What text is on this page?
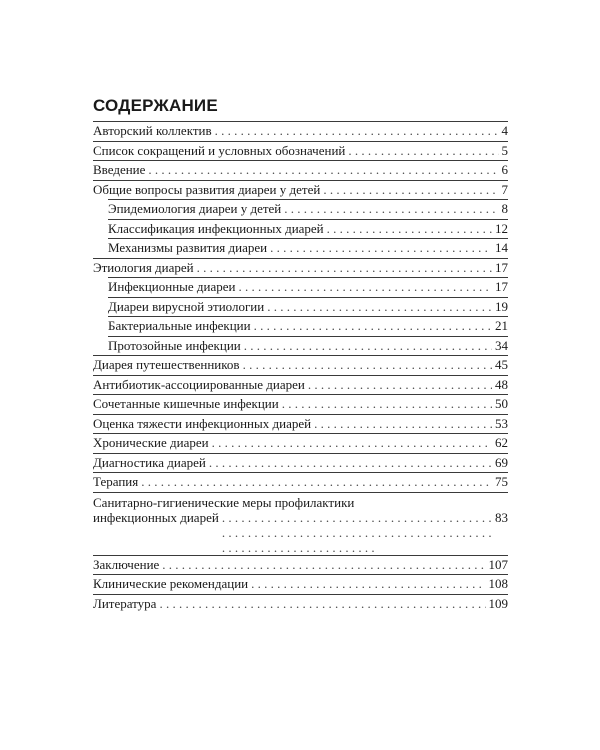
СОДЕРЖАНИЕ
Авторский коллектив . . .	4
Список сокращений и условных обозначений . . .	5
Введение . . .	6
Общие вопросы развития диареи у детей . . .	7
Эпидемиология диареи у детей . . .	8
Классификация инфекционных диарей . . .	12
Механизмы развития диареи . . .	14
Этиология диарей . . .	17
Инфекционные диареи . . .	17
Диареи вирусной этиологии . . .	19
Бактериальные инфекции . . .	21
Протозойные инфекции . . .	34
Диарея путешественников . . .	45
Антибиотик-ассоциированные диареи . . .	48
Сочетанные кишечные инфекции . . .	50
Оценка тяжести инфекционных диарей . . .	53
Хронические диареи . . .	62
Диагностика диарей . . .	69
Терапия . . .	75
Санитарно-гигиенические меры профилактики
инфекционных диарей . . .	83
Заключение . . .	107
Клинические рекомендации . . .	108
Литература . . .	109
